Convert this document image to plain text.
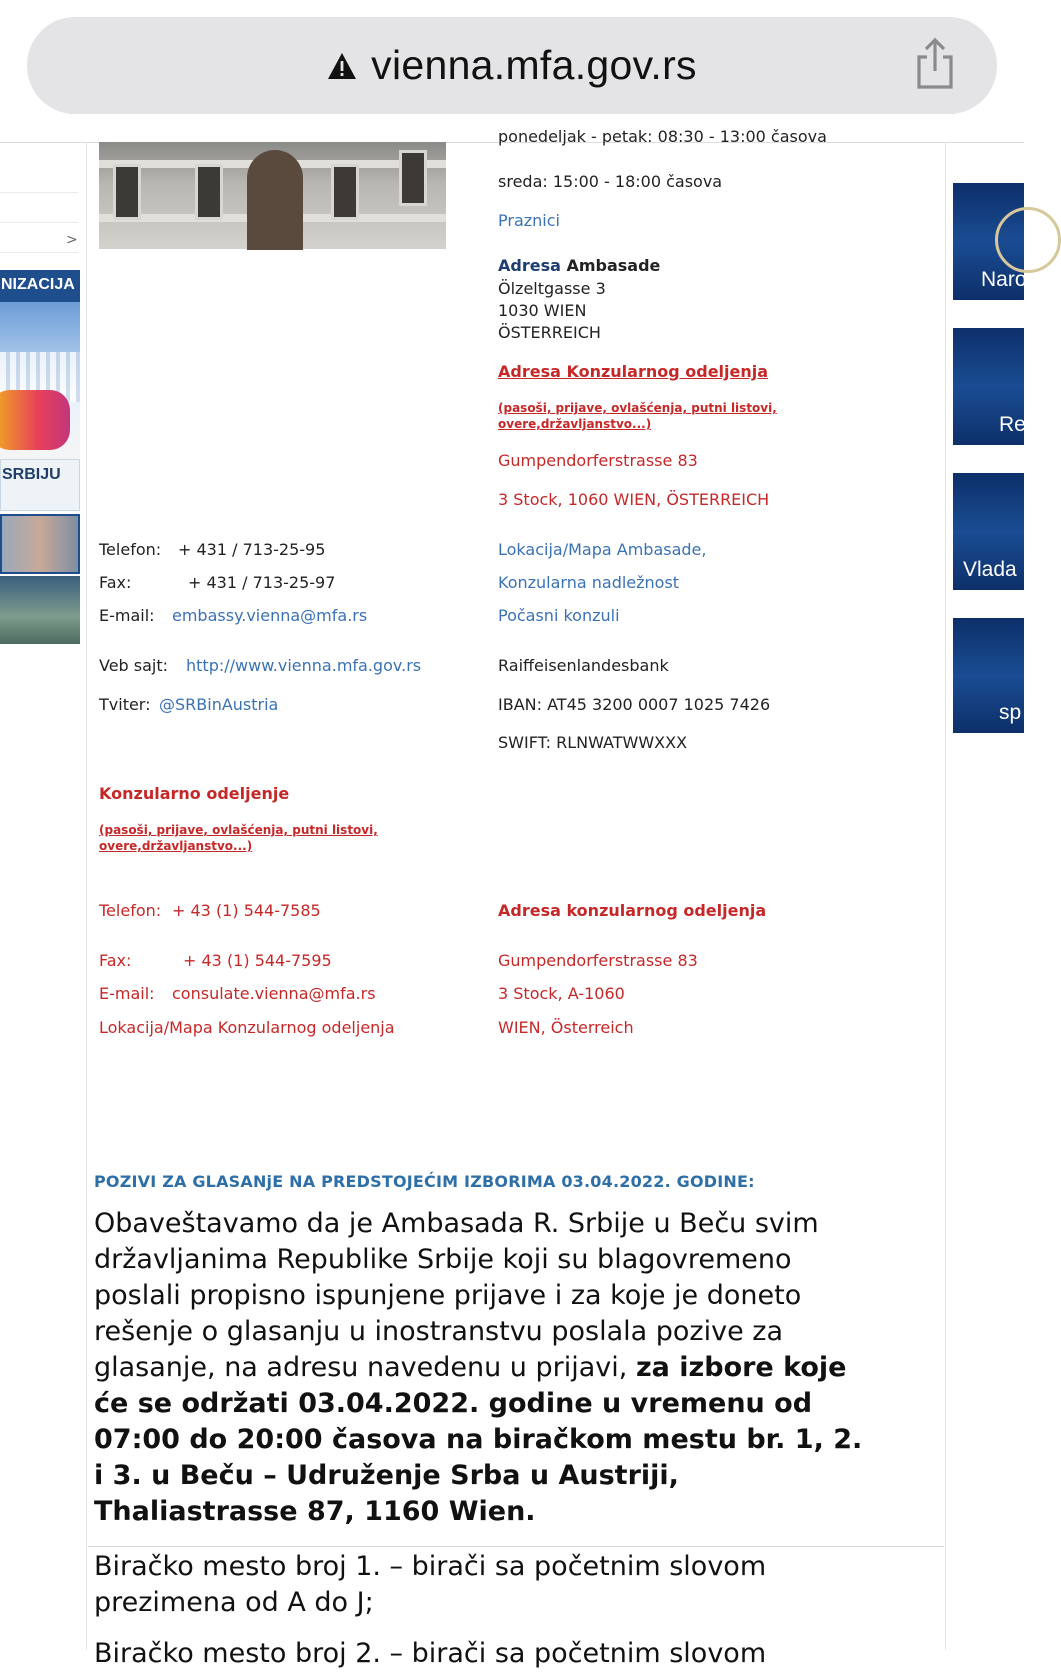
vienna.mfa.gov.rs
>
NIZACIJA
SRBIJU

ponedeljak - petak: 08:30 - 13:00 časova

sreda: 15:00 - 18:00 časova

Praznici

Adresa Ambasade

Ölzeltgasse 3

1030 WIEN

ÖSTERREICH

Adresa Konzularnog odeljenja

(pasoši, prijave, ovlašćenja, putni listovi, overe,državljanstvo...)

Gumpendorferstrasse 83

3 Stock, 1060 WIEN, ÖSTERREICH

Telefon: + 431 / 713-25-95

Fax:	+ 431 / 713-25-97

E-mail: embassy.vienna@mfa.rs

Veb sajt: http://www.vienna.mfa.gov.rs

Tviter: @SRBinAustria

Lokacija/Mapa Ambasade,

Konzularna nadležnost

Počasni konzuli

Raiffeisenlandesbank

IBAN: AT45 3200 0007 1025 7426

SWIFT: RLNWATWWXXX

Konzularno odeljenje

(pasoši, prijave, ovlašćenja, putni listovi, overe,državljanstvo...)

Telefon: + 43 (1) 544-7585

Fax:	+ 43 (1) 544-7595

E-mail: consulate.vienna@mfa.rs

Lokacija/Mapa Konzularnog odeljenja

Adresa konzularnog odeljenja

Gumpendorferstrasse 83

3 Stock, A-1060

WIEN, Österreich

POZIVI ZA GLASANjE NA PREDSTOJEĆIM IZBORIMA 03.04.2022. GODINE:

Obaveštavamo da je Ambasada R. Srbije u Beču svim

državljanima Republike Srbije koji su blagovremeno

poslali propisno ispunjene prijave i za koje je doneto

rešenje o glasanju u inostranstvu poslala pozive za

glasanje, na adresu navedenu u prijavi, za izbore koje

će se održati 03.04.2022. godine u vremenu od

07:00 do 20:00 časova na biračkom mestu br. 1, 2.

i 3. u Beču – Udruženje Srba u Austriji,

Thaliastrasse 87, 1160 Wien.

Biračko mesto broj 1. – birači sa početnim slovom

prezimena od A do J;

Biračko mesto broj 2. – birači sa početnim slovom

Naro
Re
Vlada
sp
